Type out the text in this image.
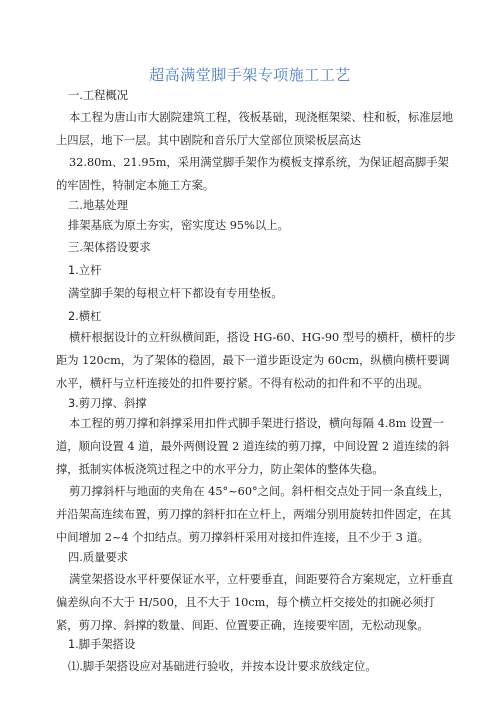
超高满堂脚手架专项施工工艺
一.工程概况
本工程为唐山市大剧院建筑工程，筏板基础，现浇框架梁、柱和板，标准层地上四层，地下一层。其中剧院和音乐厅大堂部位顶梁板层高达
32.80m、21.95m，采用满堂脚手架作为模板支撑系统，为保证超高脚手架的牢固性，特制定本施工方案。
二.地基处理
排架基底为原土夯实，密实度达 95%以上。
三.架体搭设要求
1.立杆
满堂脚手架的每根立杆下都设有专用垫板。
2.横杠
横杆根据设计的立杆纵横间距，搭设 HG-60、HG-90 型号的横杆，横杆的步距为 120cm，为了架体的稳固，最下一道步距设定为 60cm，纵横向横杆要调水平，横杆与立杆连接处的扣件要拧紧。不得有松动的扣件和不平的出现。
3.剪刀撑、斜撑
本工程的剪刀撑和斜撑采用扣件式脚手架进行搭设，横向每隔 4.8m 设置一道，顺向设置 4 道，最外两侧设置 2 道连续的剪刀撑，中间设置 2 道连续的斜撑，抵制实体板浇筑过程之中的水平分力，防止架体的整体失稳。
剪刀撑斜杆与地面的夹角在 45°~60°之间。斜杆相交点处于同一条直线上，并沿架高连续布置，剪刀撑的斜杆扣在立杆上，两端分别用旋转扣件固定，在其中间增加 2~4 个扣结点。剪刀撑斜杆采用对接扣件连接，且不少于 3 道。
四.质量要求
满堂架搭设水平杆要保证水平，立杆要垂直，间距要符合方案规定，立杆垂直偏差纵向不大于 H/500，且不大于 10cm，每个横立杆交接处的扣碗必须打紧，剪刀撑、斜撑的数量、间距、位置要正确，连接要牢固，无松动现象。
1.脚手架搭设
⑴.脚手架搭设应对基础进行验收，并按本设计要求放线定位。
